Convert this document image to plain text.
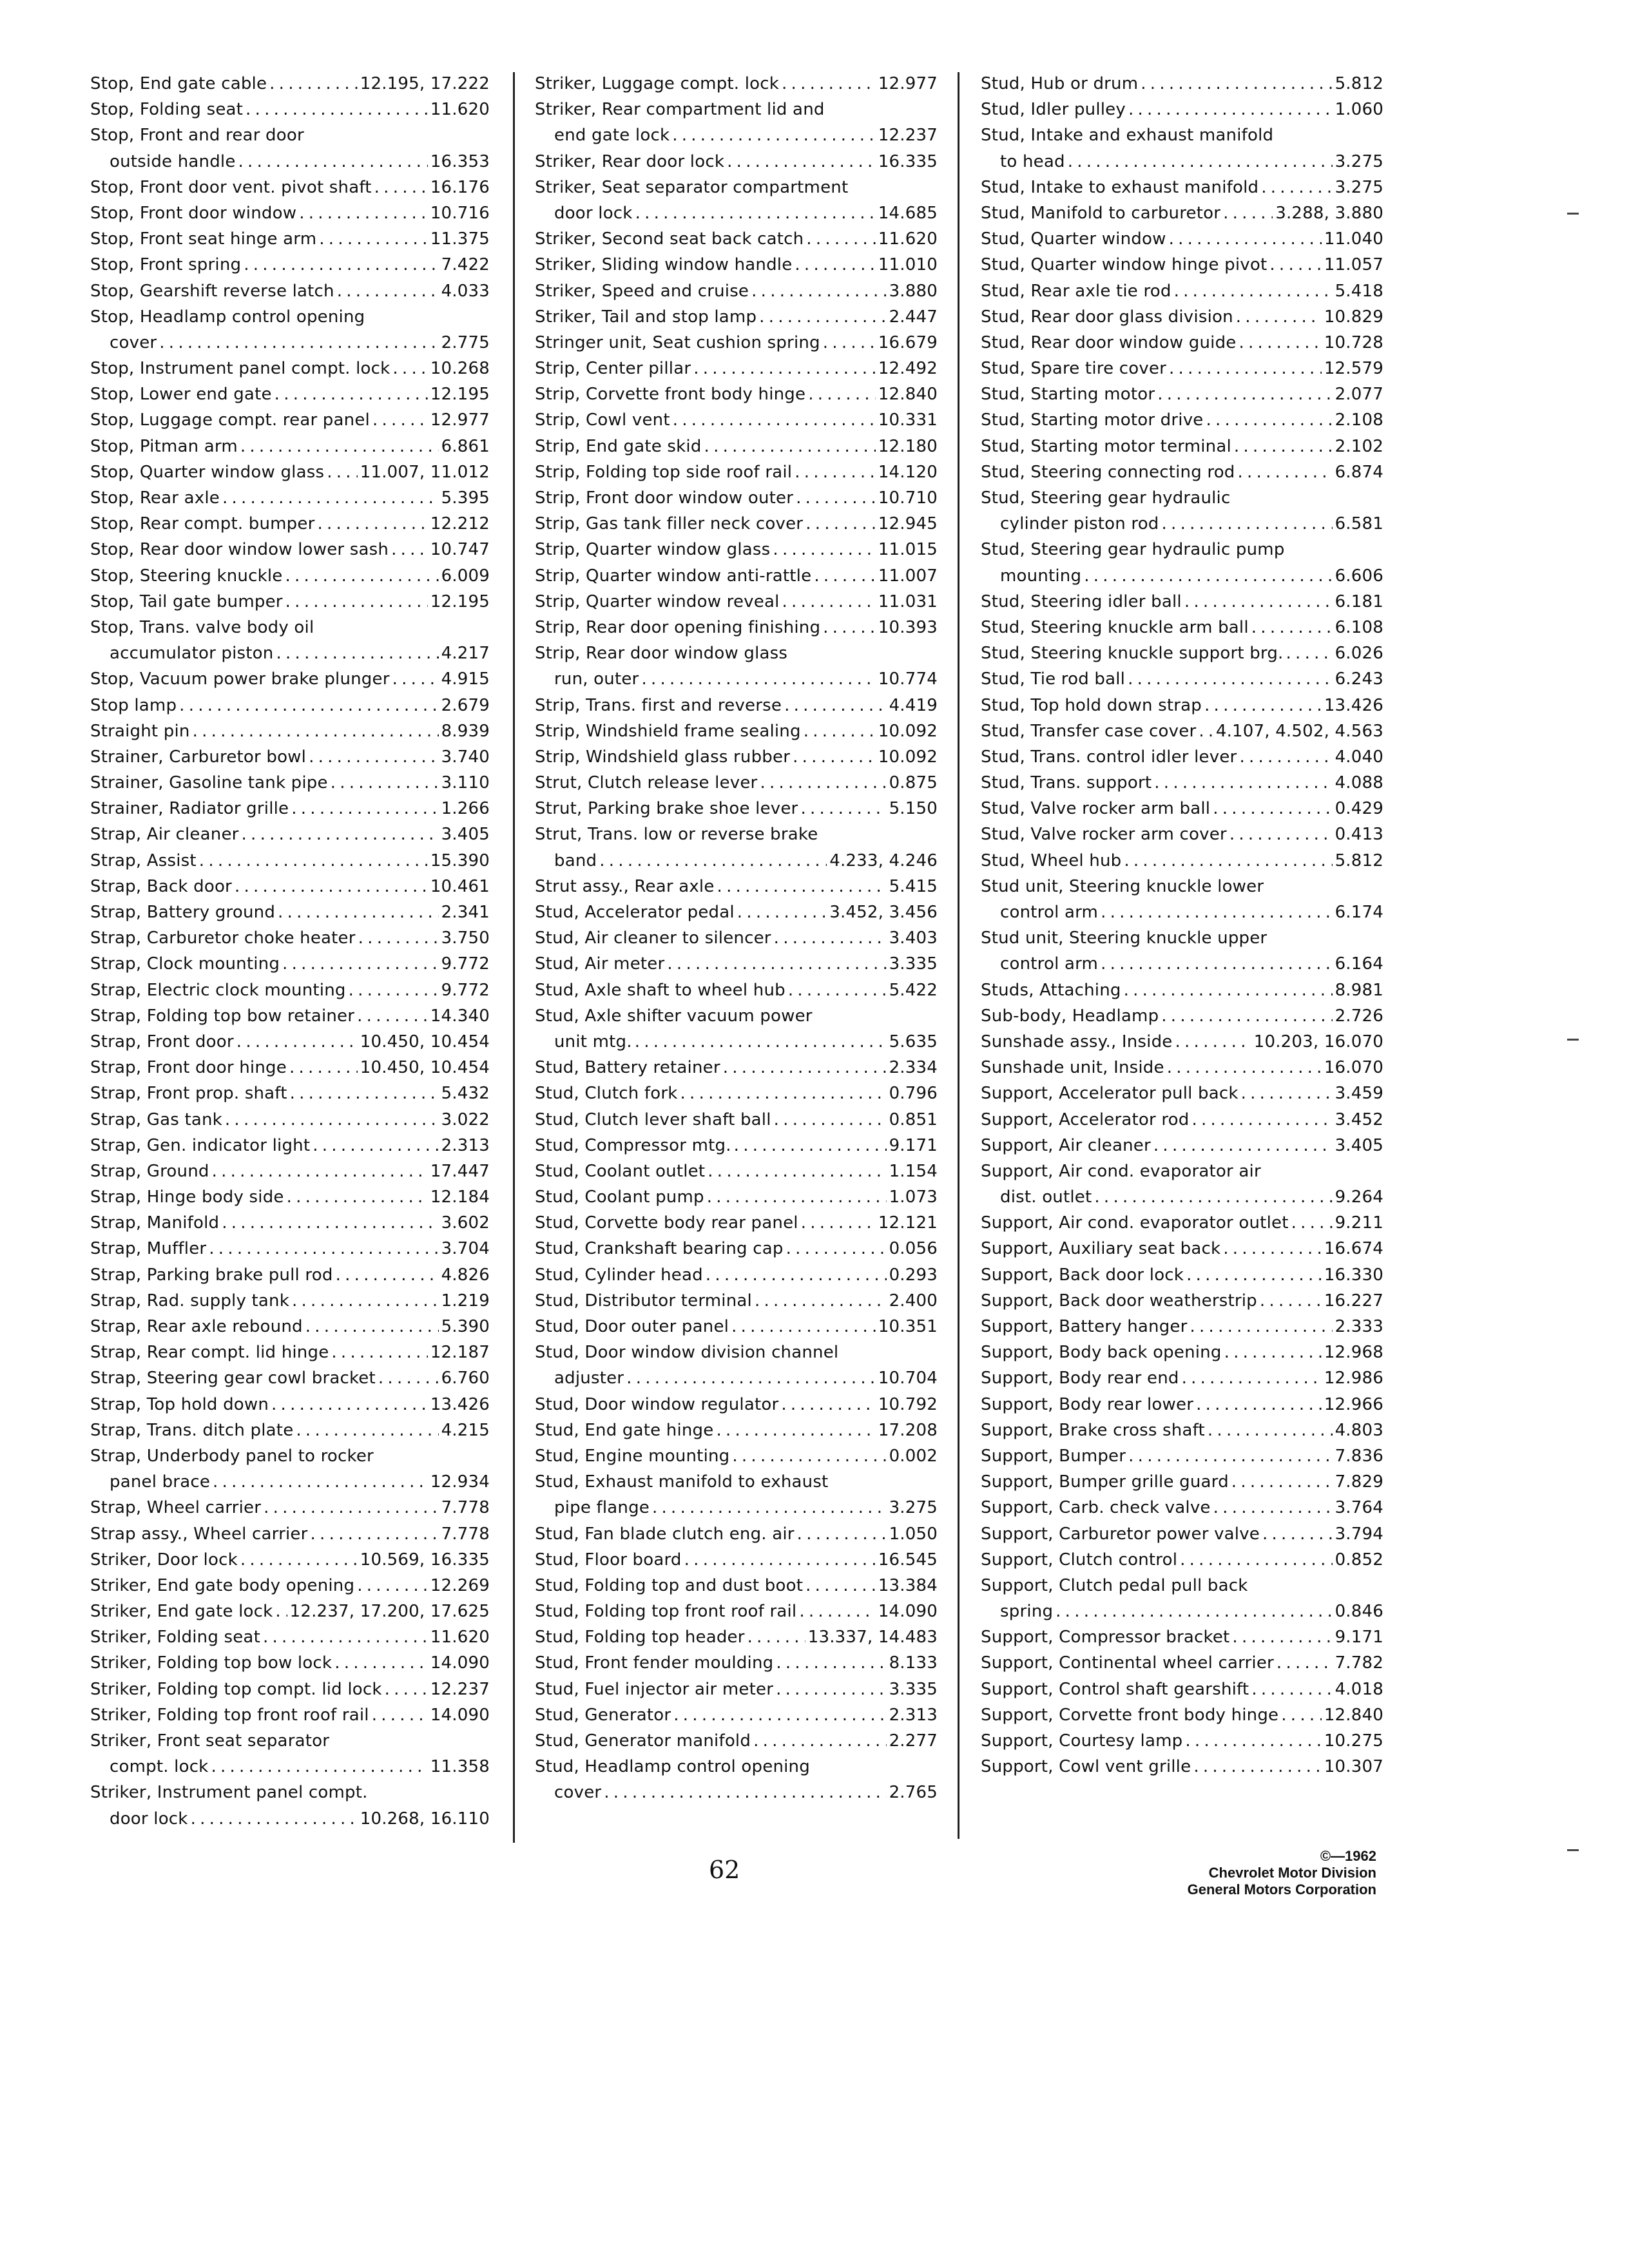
Stop, End gate cable . . .	12.195, 17.222
Stop, Folding seat . . .	11.620
Stop, Front and rear door
outside handle . . .	16.353
Stop, Front door vent. pivot shaft . . .	16.176
Stop, Front door window . . .	10.716
Stop, Front seat hinge arm . . .	11.375
Stop, Front spring . . .	7.422
Stop, Gearshift reverse latch . . .	4.033
Stop, Headlamp control opening
cover . . .	2.775
Stop, Instrument panel compt. lock . . . 10.268
Stop, Lower end gate . . .	12.195
Stop, Luggage compt. rear panel . . .	12.977
Stop, Pitman arm . . .	6.861
Stop, Quarter window glass . . . 11.007, 11.012
Stop, Rear axle . . .	5.395
Stop, Rear compt. bumper . . .	12.212
Stop, Rear door window lower sash . . . 10.747
Stop, Steering knuckle . . .	6.009
Stop, Tail gate bumper . . .	12.195
Stop, Trans. valve body oil
accumulator piston . . .	4.217
Stop, Vacuum power brake plunger . . .	4.915
Stop lamp . . .	2.679
Straight pin . . .	8.939
Strainer, Carburetor bowl . . .	3.740
Strainer, Gasoline tank pipe . . .	3.110
Strainer, Radiator grille . . .	1.266
Strap, Air cleaner . . .	3.405
Strap, Assist . . .	15.390
Strap, Back door . . .	10.461
Strap, Battery ground . . .	2.341
Strap, Carburetor choke heater . . .	3.750
Strap, Clock mounting . . .	9.772
Strap, Electric clock mounting . . .	9.772
Strap, Folding top bow retainer . . .	14.340
Strap, Front door . . .	10.450, 10.454
Strap, Front door hinge . . .	10.450, 10.454
Strap, Front prop. shaft . . .	5.432
Strap, Gas tank . . .	3.022
Strap, Gen. indicator light . . .	2.313
Strap, Ground . . .	17.447
Strap, Hinge body side . . .	12.184
Strap, Manifold . . .	3.602
Strap, Muffler . . .	3.704
Strap, Parking brake pull rod . . .	4.826
Strap, Rad. supply tank . . .	1.219
Strap, Rear axle rebound . . .	5.390
Strap, Rear compt. lid hinge . . .	12.187
Strap, Steering gear cowl bracket . . .	6.760
Strap, Top hold down . . .	13.426
Strap, Trans. ditch plate . . .	4.215
Strap, Underbody panel to rocker
panel brace . . .	12.934
Strap, Wheel carrier . . .	7.778
Strap assy., Wheel carrier . . .	7.778
Striker, Door lock . . .	10.569, 16.335
Striker, End gate body opening . . .	12.269
Striker, End gate lock . . . 12.237, 17.200, 17.625
Striker, Folding seat . . .	11.620
Striker, Folding top bow lock . . .	14.090
Striker, Folding top compt. lid lock . . .	12.237
Striker, Folding top front roof rail . . .	14.090
Striker, Front seat separator
compt. lock . . .	11.358
Striker, Instrument panel compt.
door lock . . .	10.268, 16.110
Striker, Luggage compt. lock . . .	12.977
Striker, Rear compartment lid and
end gate lock . . .	12.237
Striker, Rear door lock . . .	16.335
Striker, Seat separator compartment
door lock . . .	14.685
Striker, Second seat back catch . . .	11.620
Striker, Sliding window handle . . .	11.010
Striker, Speed and cruise . . .	3.880
Striker, Tail and stop lamp . . .	2.447
Stringer unit, Seat cushion spring . . .	16.679
Strip, Center pillar . . .	12.492
Strip, Corvette front body hinge . . .	12.840
Strip, Cowl vent . . .	10.331
Strip, End gate skid . . .	12.180
Strip, Folding top side roof rail . . .	14.120
Strip, Front door window outer . . .	10.710
Strip, Gas tank filler neck cover . . .	12.945
Strip, Quarter window glass . . .	11.015
Strip, Quarter window anti-rattle . . .	11.007
Strip, Quarter window reveal . . .	11.031
Strip, Rear door opening finishing . . .	10.393
Strip, Rear door window glass
run, outer . . .	10.774
Strip, Trans. first and reverse . . .	4.419
Strip, Windshield frame sealing . . .	10.092
Strip, Windshield glass rubber . . .	10.092
Strut, Clutch release lever . . .	0.875
Strut, Parking brake shoe lever . . .	5.150
Strut, Trans. low or reverse brake
band . . .	4.233, 4.246
Strut assy., Rear axle . . .	5.415
Stud, Accelerator pedal . . .	3.452, 3.456
Stud, Air cleaner to silencer . . .	3.403
Stud, Air meter . . .	3.335
Stud, Axle shaft to wheel hub . . .	5.422
Stud, Axle shifter vacuum power
unit mtg. . . .	5.635
Stud, Battery retainer . . .	2.334
Stud, Clutch fork . . .	0.796
Stud, Clutch lever shaft ball . . .	0.851
Stud, Compressor mtg. . . .	9.171
Stud, Coolant outlet . . .	1.154
Stud, Coolant pump . . .	1.073
Stud, Corvette body rear panel . . .	12.121
Stud, Crankshaft bearing cap . . .	0.056
Stud, Cylinder head . . .	0.293
Stud, Distributor terminal . . .	2.400
Stud, Door outer panel . . .	10.351
Stud, Door window division channel
adjuster . . .	10.704
Stud, Door window regulator . . .	10.792
Stud, End gate hinge . . .	17.208
Stud, Engine mounting . . .	0.002
Stud, Exhaust manifold to exhaust
pipe flange . . .	3.275
Stud, Fan blade clutch eng. air . . .	1.050
Stud, Floor board . . .	16.545
Stud, Folding top and dust boot . . .	13.384
Stud, Folding top front roof rail . . .	14.090
Stud, Folding top header . . .	13.337, 14.483
Stud, Front fender moulding . . .	8.133
Stud, Fuel injector air meter . . .	3.335
Stud, Generator . . .	2.313
Stud, Generator manifold . . .	2.277
Stud, Headlamp control opening
cover . . .	2.765
Stud, Hub or drum . . .	5.812
Stud, Idler pulley . . .	1.060
Stud, Intake and exhaust manifold
to head . . .	3.275
Stud, Intake to exhaust manifold . . .	3.275
Stud, Manifold to carburetor . . .	3.288, 3.880
Stud, Quarter window . . .	11.040
Stud, Quarter window hinge pivot . . .	11.057
Stud, Rear axle tie rod . . .	5.418
Stud, Rear door glass division . . .	10.829
Stud, Rear door window guide . . .	10.728
Stud, Spare tire cover . . .	12.579
Stud, Starting motor . . .	2.077
Stud, Starting motor drive . . .	2.108
Stud, Starting motor terminal . . .	2.102
Stud, Steering connecting rod . . .	6.874
Stud, Steering gear hydraulic
cylinder piston rod . . .	6.581
Stud, Steering gear hydraulic pump
mounting . . .	6.606
Stud, Steering idler ball . . .	6.181
Stud, Steering knuckle arm ball . . .	6.108
Stud, Steering knuckle support brg. . . .	6.026
Stud, Tie rod ball . . .	6.243
Stud, Top hold down strap . . .	13.426
Stud, Transfer case cover . . . 4.107, 4.502, 4.563
Stud, Trans. control idler lever . . .	4.040
Stud, Trans. support . . .	4.088
Stud, Valve rocker arm ball . . .	0.429
Stud, Valve rocker arm cover . . .	0.413
Stud, Wheel hub . . .	5.812
Stud unit, Steering knuckle lower
control arm . . .	6.174
Stud unit, Steering knuckle upper
control arm . . .	6.164
Studs, Attaching . . .	8.981
Sub-body, Headlamp . . .	2.726
Sunshade assy., Inside . . .	10.203, 16.070
Sunshade unit, Inside . . .	16.070
Support, Accelerator pull back . . .	3.459
Support, Accelerator rod . . .	3.452
Support, Air cleaner . . .	3.405
Support, Air cond. evaporator air
dist. outlet . . .	9.264
Support, Air cond. evaporator outlet . . .	9.211
Support, Auxiliary seat back . . .	16.674
Support, Back door lock . . .	16.330
Support, Back door weatherstrip . . .	16.227
Support, Battery hanger . . .	2.333
Support, Body back opening . . .	12.968
Support, Body rear end . . .	12.986
Support, Body rear lower . . .	12.966
Support, Brake cross shaft . . .	4.803
Support, Bumper . . .	7.836
Support, Bumper grille guard . . .	7.829
Support, Carb. check valve . . .	3.764
Support, Carburetor power valve . . .	3.794
Support, Clutch control . . .	0.852
Support, Clutch pedal pull back
spring . . .	0.846
Support, Compressor bracket . . .	9.171
Support, Continental wheel carrier . . .	7.782
Support, Control shaft gearshift . . .	4.018
Support, Corvette front body hinge . . .	12.840
Support, Courtesy lamp . . .	10.275
Support, Cowl vent grille . . .	10.307
62	©—1962
Chevrolet Motor Division
General Motors Corporation
